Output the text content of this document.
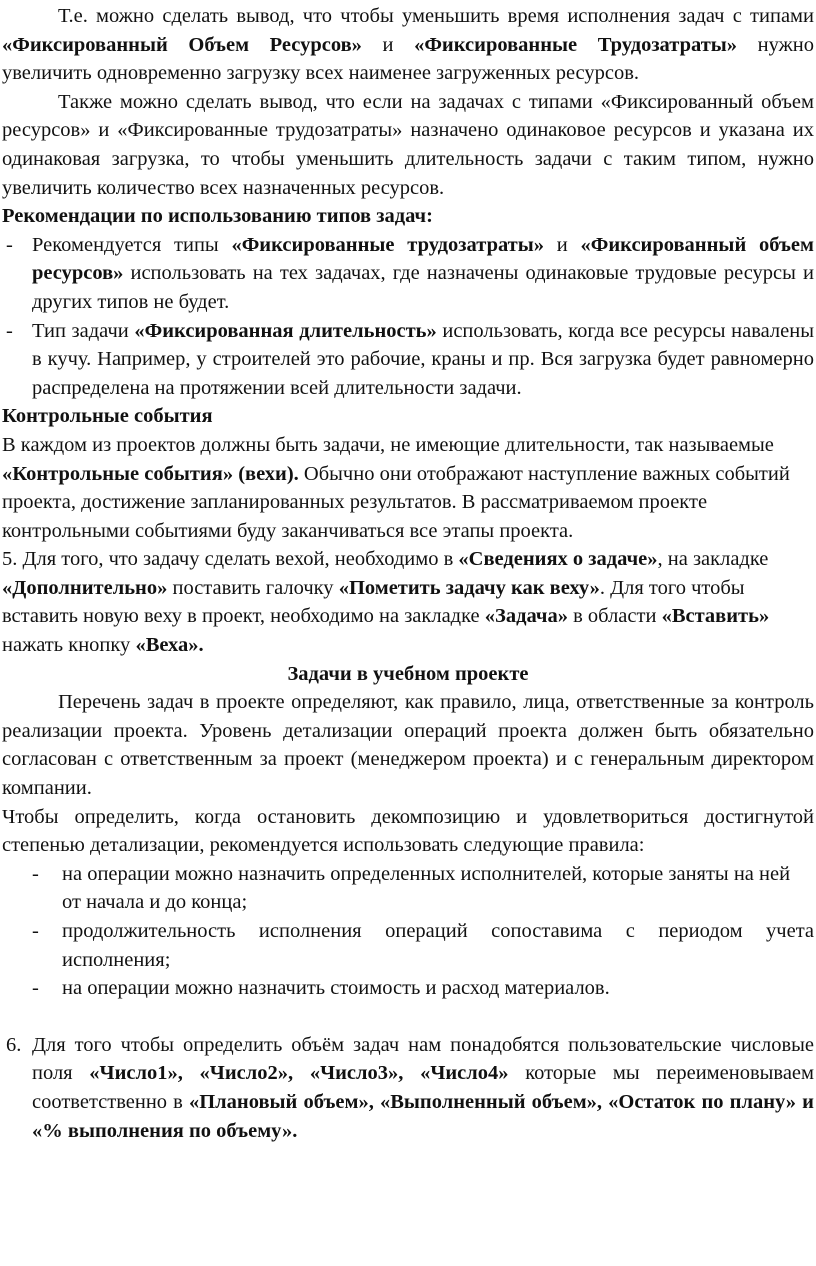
Т.е. можно сделать вывод, что чтобы уменьшить время исполнения задач с типами «Фиксированный Объем Ресурсов» и «Фиксированные Трудозатраты» нужно увеличить одновременно загрузку всех наименее загруженных ресурсов.

Также можно сделать вывод, что если на задачах с типами «Фиксированный объем ресурсов» и «Фиксированные трудозатраты» назначено одинаковое ресурсов и указана их одинаковая загрузка, то чтобы уменьшить длительность задачи с таким типом, нужно увеличить количество всех назначенных ресурсов.

Рекомендации по использованию типов задач:

- Рекомендуется типы «Фиксированные трудозатраты» и «Фиксированный объем ресурсов» использовать на тех задачах, где назначены одинаковые трудовые ресурсы и других типов не будет.
- Тип задачи «Фиксированная длительность» использовать, когда все ресурсы навалены в кучу. Например, у строителей это рабочие, краны и пр. Вся загрузка будет равномерно распределена на протяжении всей длительности задачи.

Контрольные события

В каждом из проектов должны быть задачи, не имеющие длительности, так называемые «Контрольные события» (вехи). Обычно они отображают наступление важных событий проекта, достижение запланированных результатов. В рассматриваемом проекте контрольными событиями буду заканчиваться все этапы проекта.

5. Для того, что задачу сделать вехой, необходимо в «Сведениях о задаче», на закладке «Дополнительно» поставить галочку «Пометить задачу как веху». Для того чтобы вставить новую веху в проект, необходимо на закладке «Задача» в области «Вставить» нажать кнопку «Веха».

Задачи в учебном проекте

Перечень задач в проекте определяют, как правило, лица, ответственные за контроль реализации проекта. Уровень детализации операций проекта должен быть обязательно согласован с ответственным за проект (менеджером проекта) и с генеральным директором компании.

Чтобы определить, когда остановить декомпозицию и удовлетвориться достигнутой степенью детализации, рекомендуется использовать следующие правила:

- на операции можно назначить определенных исполнителей, которые заняты на ней от начала и до конца;
- продолжительность исполнения операций сопоставима с периодом учета исполнения;
- на операции можно назначить стоимость и расход материалов.

6. Для того чтобы определить объём задач нам понадобятся пользовательские числовые поля «Число1», «Число2», «Число3», «Число4» которые мы переименовываем соответственно в «Плановый объем», «Выполненный объем», «Остаток по плану» и «% выполнения по объему».
